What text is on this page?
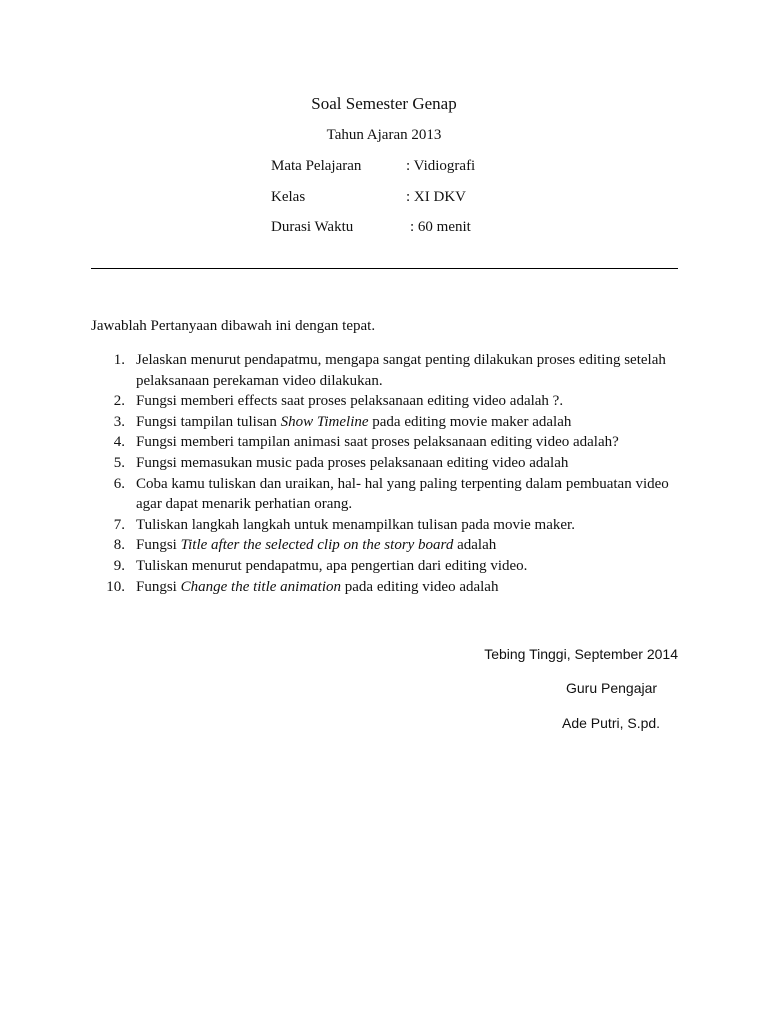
Soal Semester Genap
Tahun Ajaran 2013
Mata Pelajaran	: Vidiografi
Kelas	: XI DKV
Durasi Waktu	: 60 menit
Jawablah Pertanyaan dibawah ini dengan tepat.
1. Jelaskan menurut pendapatmu, mengapa sangat penting dilakukan proses editing setelah pelaksanaan perekaman video dilakukan.
2. Fungsi memberi effects saat proses pelaksanaan editing video adalah ?.
3. Fungsi tampilan tulisan Show Timeline pada editing movie maker adalah
4. Fungsi memberi tampilan animasi saat proses pelaksanaan editing video adalah?
5. Fungsi memasukan music pada proses pelaksanaan editing video adalah
6. Coba kamu tuliskan dan uraikan, hal- hal yang paling terpenting dalam pembuatan video agar dapat menarik perhatian orang.
7. Tuliskan langkah langkah untuk menampilkan tulisan pada movie maker.
8. Fungsi Title after the selected clip on the story board adalah
9. Tuliskan menurut pendapatmu, apa pengertian dari editing video.
10. Fungsi Change the title animation pada editing video adalah
Tebing Tinggi, September 2014
Guru Pengajar
Ade Putri, S.pd.
